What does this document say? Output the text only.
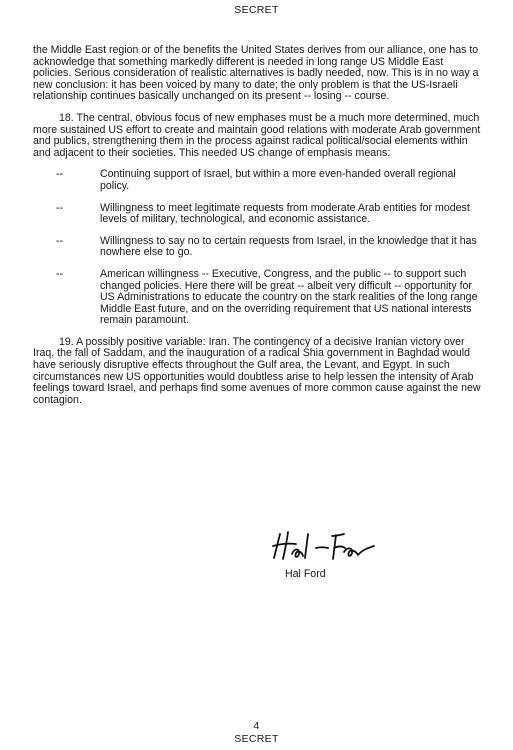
SECRET

the Middle East region or of the benefits the United States derives from our alliance, one has to acknowledge that something markedly different is needed in long range US Middle East policies. Serious consideration of realistic alternatives is badly needed, now. This is in no way a new conclusion: it has been voiced by many to date; the only problem is that the US-Israeli relationship continues basically unchanged on its present -- losing -- course.

18. The central, obvious focus of new emphases must be a much more determined, much more sustained US effort to create and maintain good relations with moderate Arab government and publics, strengthening them in the process against radical political/social elements within and adjacent to their societies. This needed US change of emphasis means:

--	Continuing support of Israel, but within a more even-handed overall regional policy.
--	Willingness to meet legitimate requests from moderate Arab entities for modest levels of military, technological, and economic assistance.
--	Willingness to say no to certain requests from Israel, in the knowledge that it has nowhere else to go.
--	American willingness -- Executive, Congress, and the public -- to support such changed policies. Here there will be great -- albeit very difficult -- opportunity for US Administrations to educate the country on the stark realities of the long range Middle East future, and on the overriding requirement that US national interests remain paramount.

19. A possibly positive variable: Iran. The contingency of a decisive Iranian victory over Iraq, the fall of Saddam, and the inauguration of a radical Shia government in Baghdad would have seriously disruptive effects throughout the Gulf area, the Levant, and Egypt. In such circumstances new US opportunities would doubtless arise to help lessen the intensity of Arab feelings toward Israel, and perhaps find some avenues of more common cause against the new contagion.

Hal Ford
4
SECRET
